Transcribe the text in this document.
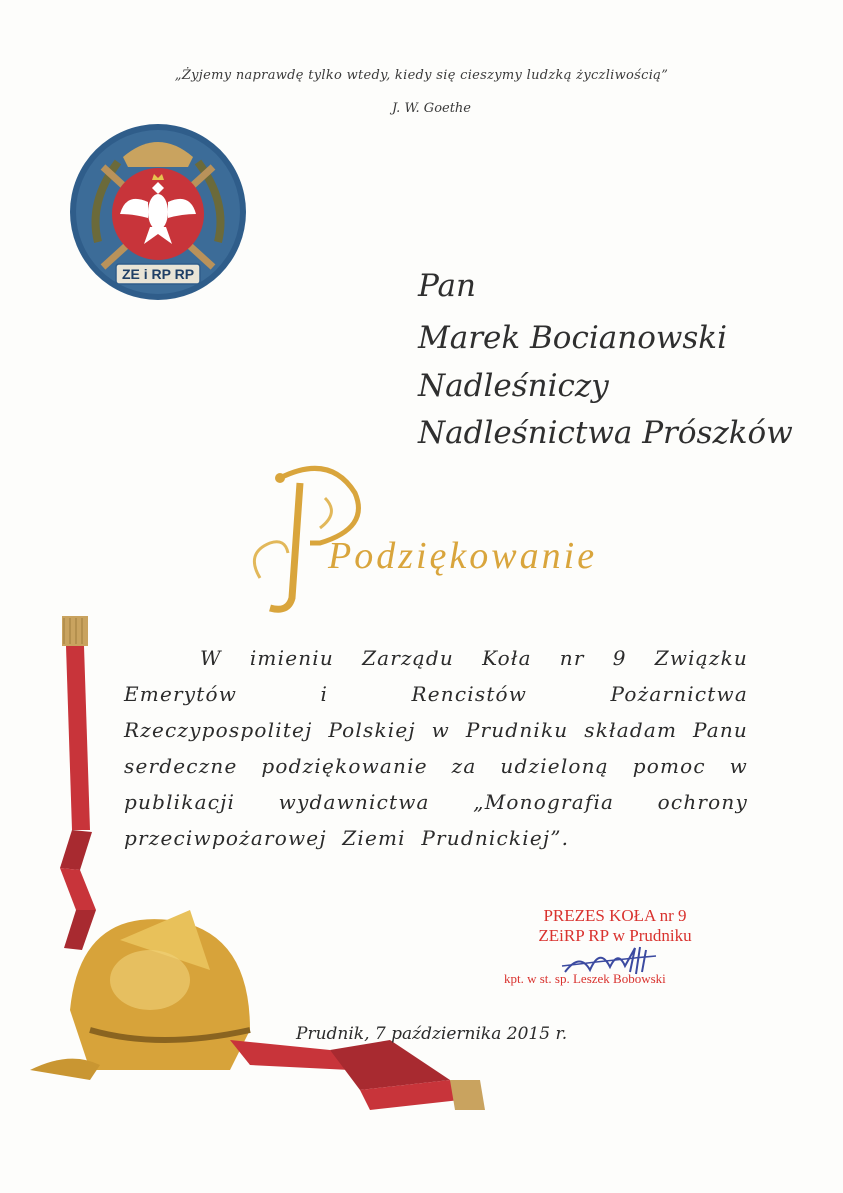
„Żyjemy naprawdę tylko wtedy, kiedy się cieszymy ludzką życzliwością”
J. W. Goethe
ZE i RP RP	Pan
Marek Bocianowski
Nadleśniczy
Nadleśnictwa Prószków
Podziękowanie

W imieniu Zarządu Koła nr 9 Związku Emerytów i Rencistów Pożarnictwa Rzeczypospolitej Polskiej w Prudniku składam Panu serdeczne podziękowanie za udzieloną pomoc w publikacji wydawnictwa „Monografia ochrony przeciwpożarowej Ziemi Prudnickiej”.

PREZES KOŁA nr 9
ZEiRP RP w Prudniku
kpt. w st. sp. Leszek Bobowski
Prudnik, 7 października 2015 r.
